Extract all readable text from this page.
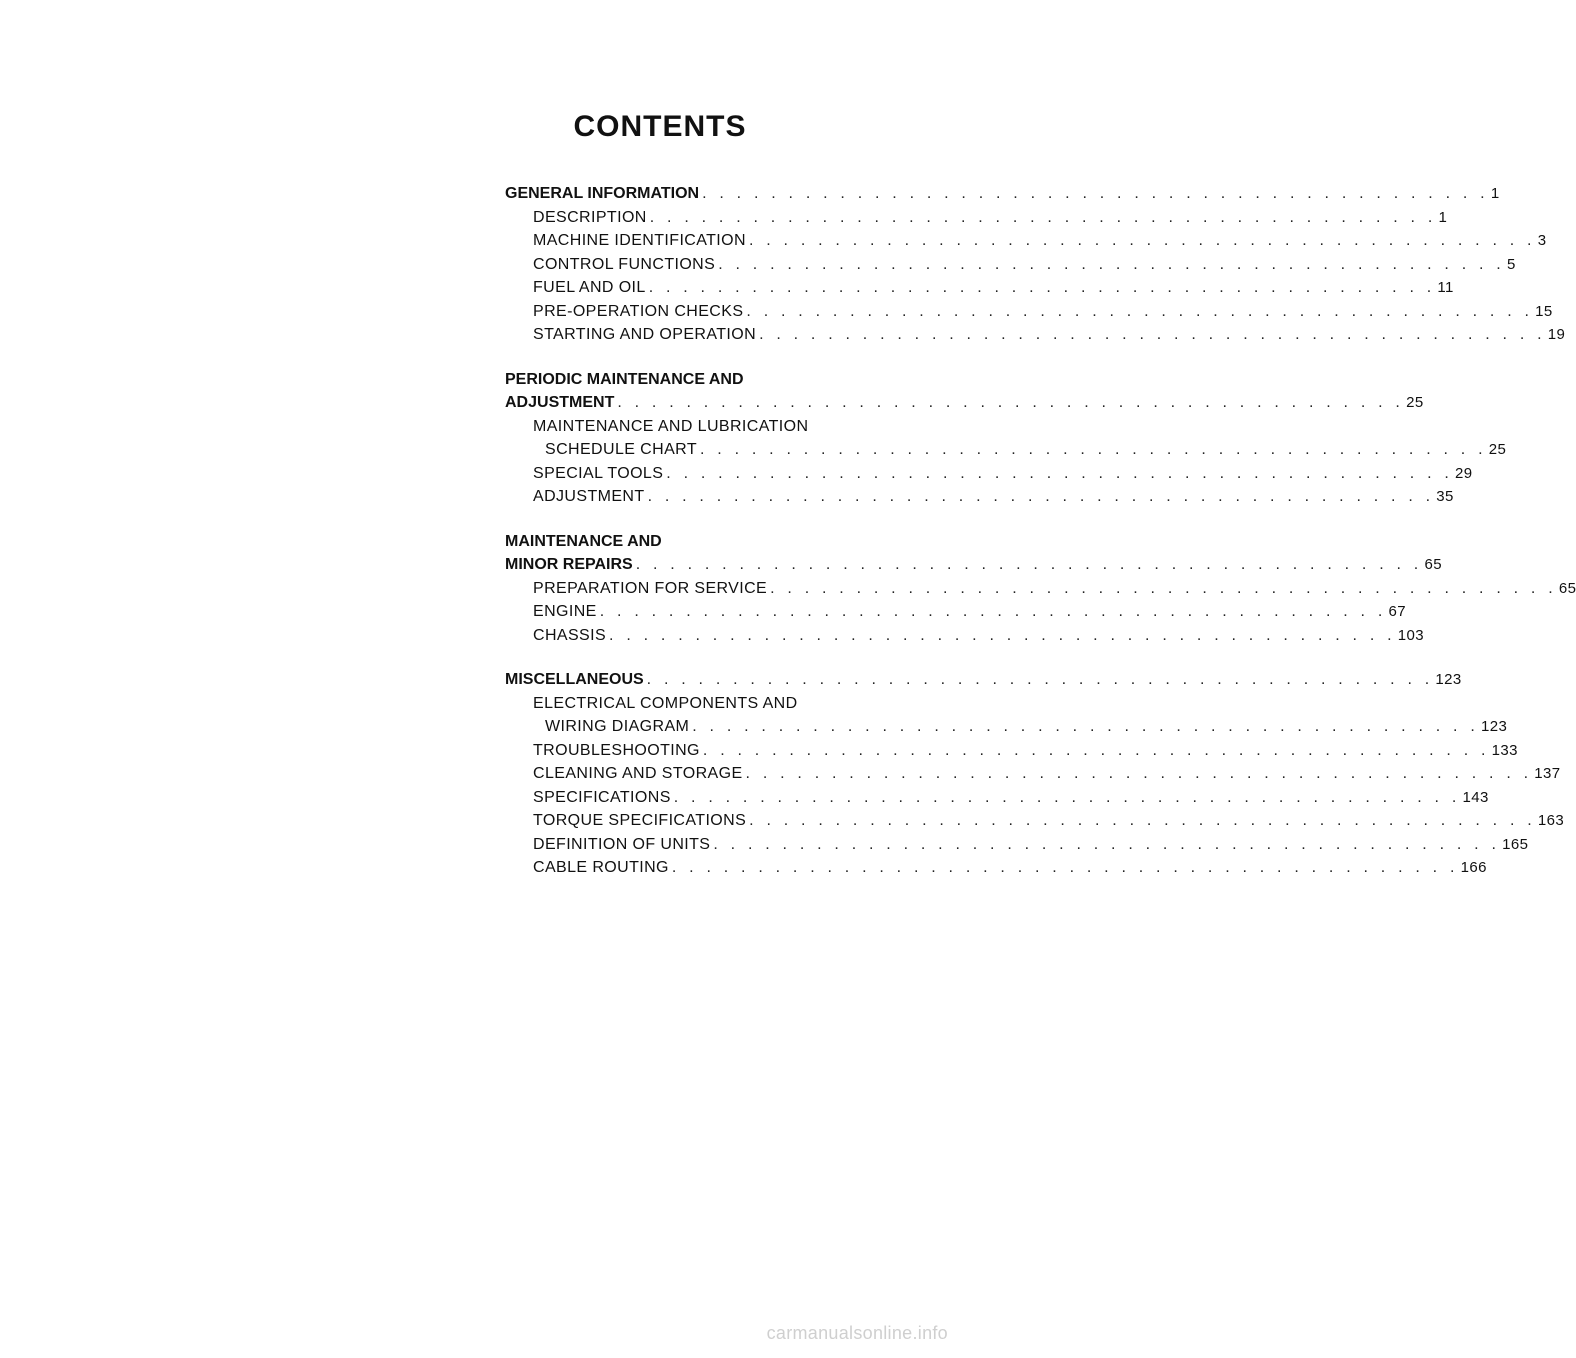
CONTENTS
GENERAL INFORMATION . . . . . . . . . . . . . . . . . . . . . . . . . . . . . . . . . . . . . . . . . . . . . . 1
DESCRIPTION . . . . . . . . . . . . . . . . . . . . . . . . . . . . . . . . . . . . . . . . . . . . . . 1
MACHINE IDENTIFICATION . . . . . . . . . . . . . . . . . . . . . . . . . . . . . . . . . . . . . . . . . . . . . . 3
CONTROL FUNCTIONS . . . . . . . . . . . . . . . . . . . . . . . . . . . . . . . . . . . . . . . . . . . . . . 5
FUEL AND OIL . . . . . . . . . . . . . . . . . . . . . . . . . . . . . . . . . . . . . . . . . . . . . . 11
PRE-OPERATION CHECKS . . . . . . . . . . . . . . . . . . . . . . . . . . . . . . . . . . . . . . . . . . . . . . 15
STARTING AND OPERATION . . . . . . . . . . . . . . . . . . . . . . . . . . . . . . . . . . . . . . . . . . . . . . 19
PERIODIC MAINTENANCE AND
ADJUSTMENT . . . . . . . . . . . . . . . . . . . . . . . . . . . . . . . . . . . . . . . . . . . . . . 25
MAINTENANCE AND LUBRICATION
SCHEDULE CHART . . . . . . . . . . . . . . . . . . . . . . . . . . . . . . . . . . . . . . . . . . . . . . 25
SPECIAL TOOLS . . . . . . . . . . . . . . . . . . . . . . . . . . . . . . . . . . . . . . . . . . . . . . 29
ADJUSTMENT . . . . . . . . . . . . . . . . . . . . . . . . . . . . . . . . . . . . . . . . . . . . . . 35
MAINTENANCE AND
MINOR REPAIRS . . . . . . . . . . . . . . . . . . . . . . . . . . . . . . . . . . . . . . . . . . . . . . 65
PREPARATION FOR SERVICE . . . . . . . . . . . . . . . . . . . . . . . . . . . . . . . . . . . . . . . . . . . . . . 65
ENGINE . . . . . . . . . . . . . . . . . . . . . . . . . . . . . . . . . . . . . . . . . . . . . . 67
CHASSIS . . . . . . . . . . . . . . . . . . . . . . . . . . . . . . . . . . . . . . . . . . . . . . 103
MISCELLANEOUS . . . . . . . . . . . . . . . . . . . . . . . . . . . . . . . . . . . . . . . . . . . . . . 123
ELECTRICAL COMPONENTS AND
WIRING DIAGRAM . . . . . . . . . . . . . . . . . . . . . . . . . . . . . . . . . . . . . . . . . . . . . . 123
TROUBLESHOOTING . . . . . . . . . . . . . . . . . . . . . . . . . . . . . . . . . . . . . . . . . . . . . . 133
CLEANING AND STORAGE . . . . . . . . . . . . . . . . . . . . . . . . . . . . . . . . . . . . . . . . . . . . . . 137
SPECIFICATIONS . . . . . . . . . . . . . . . . . . . . . . . . . . . . . . . . . . . . . . . . . . . . . . 143
TORQUE SPECIFICATIONS . . . . . . . . . . . . . . . . . . . . . . . . . . . . . . . . . . . . . . . . . . . . . . 163
DEFINITION OF UNITS . . . . . . . . . . . . . . . . . . . . . . . . . . . . . . . . . . . . . . . . . . . . . . 165
CABLE ROUTING . . . . . . . . . . . . . . . . . . . . . . . . . . . . . . . . . . . . . . . . . . . . . . 166
carmanualsonline.info
